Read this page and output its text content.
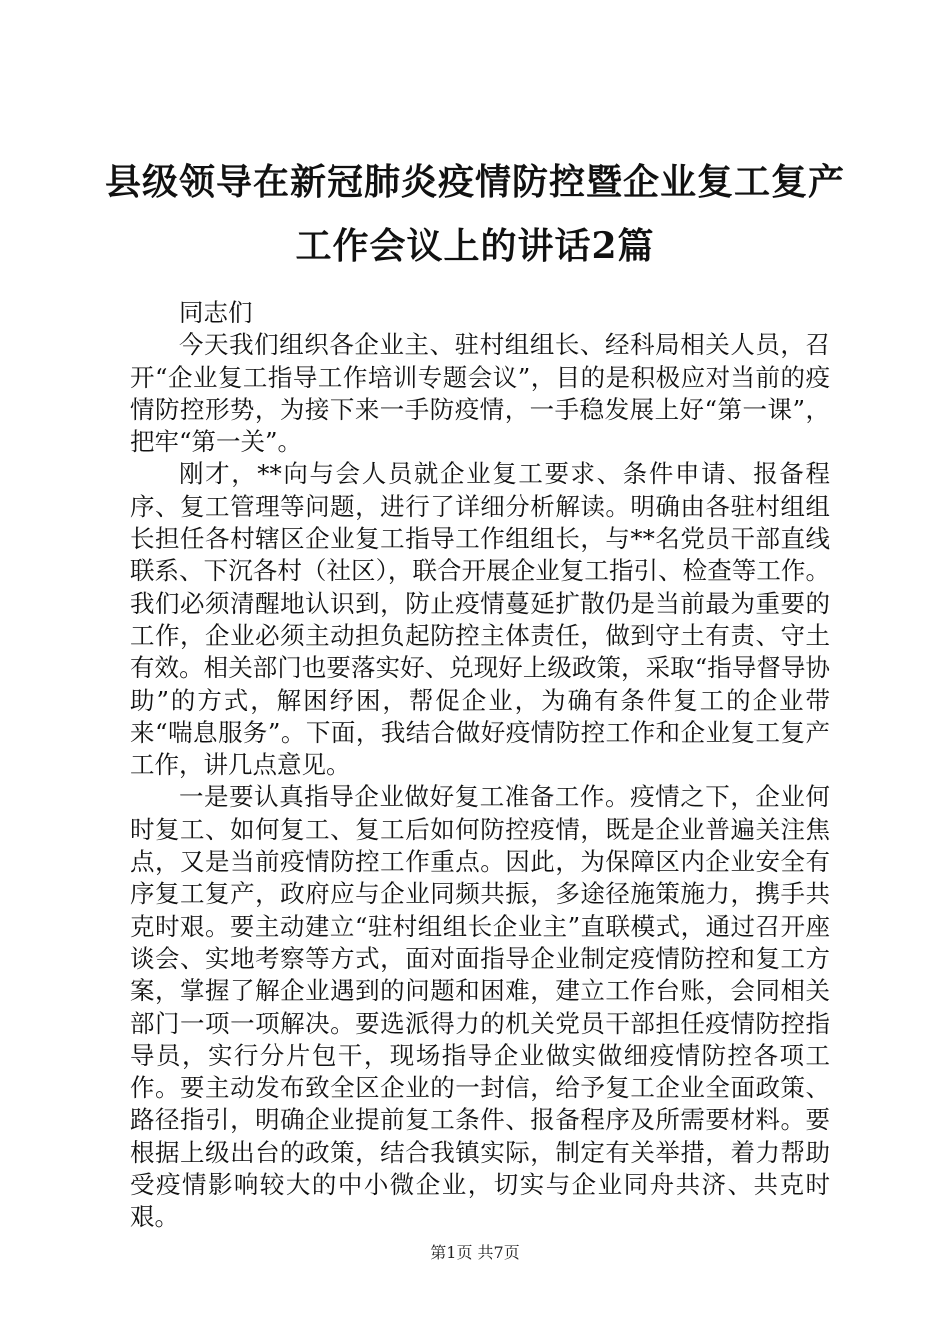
县级领导在新冠肺炎疫情防控暨企业复工复产
工作会议上的讲话2篇

同志们

今天我们组织各企业主、驻村组组长、经科局相关人员，召开“企业复工指导工作培训专题会议”，目的是积极应对当前的疫情防控形势，为接下来一手防疫情，一手稳发展上好“第一课”，把牢“第一关”。

刚才，**向与会人员就企业复工要求、条件申请、报备程序、复工管理等问题，进行了详细分析解读。明确由各驻村组组长担任各村辖区企业复工指导工作组组长，与**名党员干部直线联系、下沉各村（社区），联合开展企业复工指引、检查等工作。我们必须清醒地认识到，防止疫情蔓延扩散仍是当前最为重要的工作，企业必须主动担负起防控主体责任，做到守土有责、守土有效。相关部门也要落实好、兑现好上级政策，采取“指导督导协助”的方式，解困纾困，帮促企业，为确有条件复工的企业带来“喘息服务”。下面，我结合做好疫情防控工作和企业复工复产工作，讲几点意见。

一是要认真指导企业做好复工准备工作。疫情之下，企业何时复工、如何复工、复工后如何防控疫情，既是企业普遍关注焦点，又是当前疫情防控工作重点。因此，为保障区内企业安全有序复工复产，政府应与企业同频共振，多途径施策施力，携手共克时艰。要主动建立“驻村组组长企业主”直联模式，通过召开座谈会、实地考察等方式，面对面指导企业制定疫情防控和复工方案，掌握了解企业遇到的问题和困难，建立工作台账，会同相关部门一项一项解决。要选派得力的机关党员干部担任疫情防控指导员，实行分片包干，现场指导企业做实做细疫情防控各项工作。要主动发布致全区企业的一封信，给予复工企业全面政策、路径指引，明确企业提前复工条件、报备程序及所需要材料。要根据上级出台的政策，结合我镇实际，制定有关举措，着力帮助受疫情影响较大的中小微企业，切实与企业同舟共济、共克时艰。

第1页 共7页
